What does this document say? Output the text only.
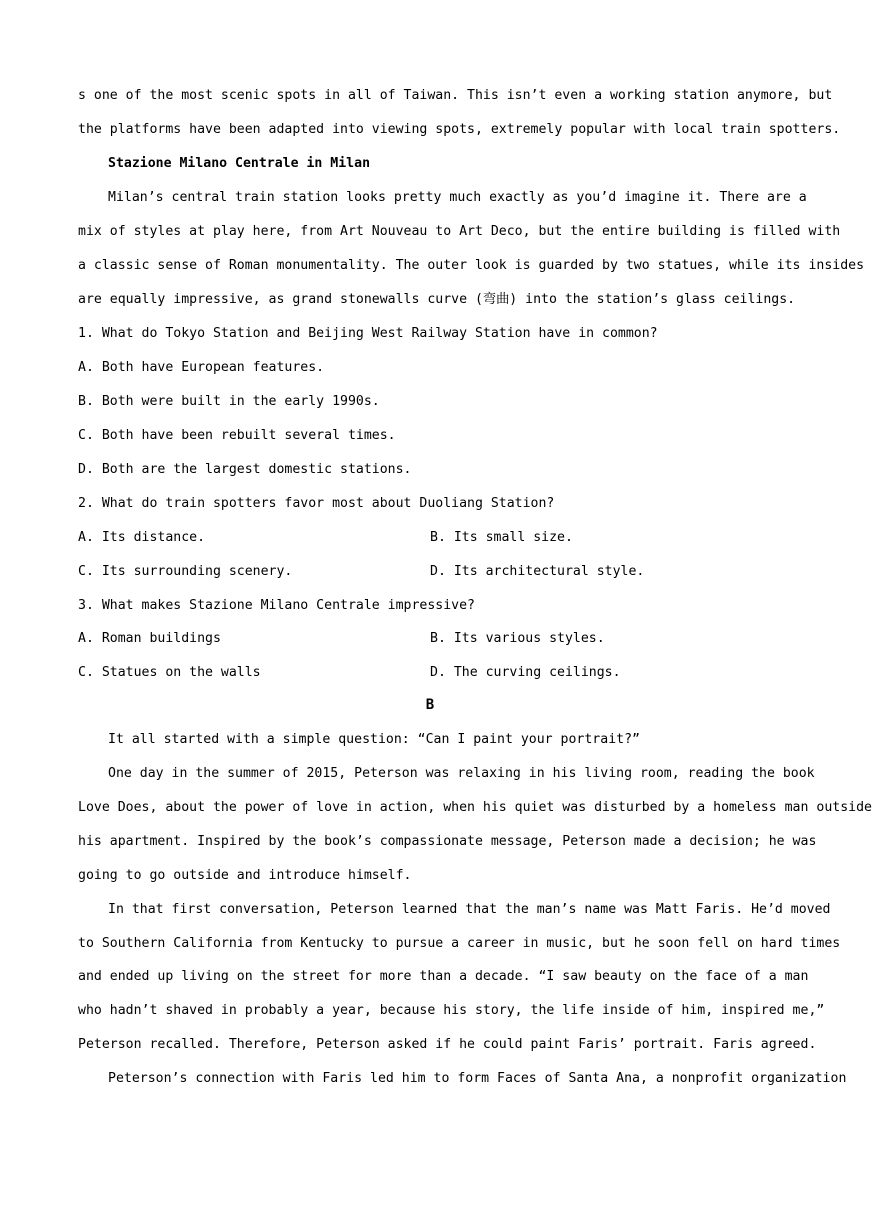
s one of the most scenic spots in all of Taiwan. This isn’t even a working station anymore, but
the platforms have been adapted into viewing spots, extremely popular with local train spotters.
Stazione Milano Centrale in Milan
Milan’s central train station looks pretty much exactly as you’d imagine it. There are a
mix of styles at play here, from Art Nouveau to Art Deco, but the entire building is filled with
a classic sense of Roman monumentality. The outer look is guarded by two statues, while its insides
are equally impressive, as grand stonewalls curve (弯曲) into the station’s glass ceilings.
1. What do Tokyo Station and Beijing West Railway Station have in common?
A. Both have European features.
B. Both were built in the early 1990s.
C. Both have been rebuilt several times.
D. Both are the largest domestic stations.
2. What do train spotters favor most about Duoliang Station?
A. Its distance.	B. Its small size.
C. Its surrounding scenery.	D. Its architectural style.
3. What makes Stazione Milano Centrale impressive?
A. Roman buildings	B. Its various styles.
C. Statues on the walls	D. The curving ceilings.
B
It all started with a simple question: “Can I paint your portrait?”
One day in the summer of 2015, Peterson was relaxing in his living room, reading the book
Love Does, about the power of love in action, when his quiet was disturbed by a homeless man outside
his apartment. Inspired by the book’s compassionate message, Peterson made a decision; he was
going to go outside and introduce himself.
In that first conversation, Peterson learned that the man’s name was Matt Faris. He’d moved
to Southern California from Kentucky to pursue a career in music, but he soon fell on hard times
and ended up living on the street for more than a decade. “I saw beauty on the face of a man
who hadn’t shaved in probably a year, because his story, the life inside of him, inspired me,”
Peterson recalled. Therefore, Peterson asked if he could paint Faris’ portrait. Faris agreed.
Peterson’s connection with Faris led him to form Faces of Santa Ana, a nonprofit organization
